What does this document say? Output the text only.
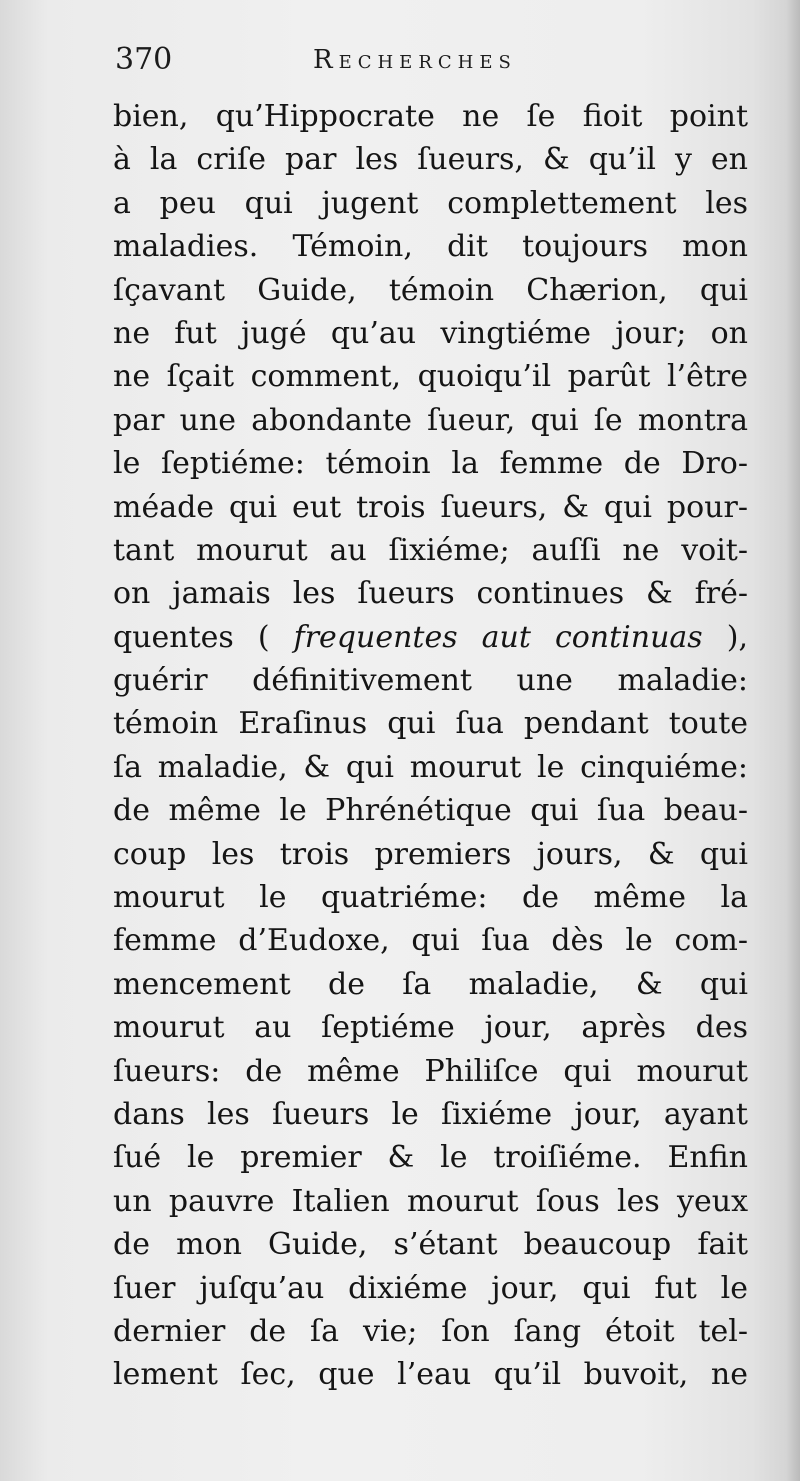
370	Recherches
bien, qu’Hippocrate ne ſe fioit point
à la criſe par les ſueurs, & qu’il y en
a peu qui jugent complettement les
maladies. Témoin, dit toujours mon
ſçavant Guide, témoin Chærion, qui
ne fut jugé qu’au vingtiéme jour; on
ne ſçait comment, quoiqu’il parût l’être
par une abondante ſueur, qui ſe montra
le ſeptiéme: témoin la femme de Dro-
méade qui eut trois ſueurs, & qui pour-
tant mourut au ſixiéme; auſſi ne voit-
on jamais les ſueurs continues & fré-
quentes ( frequentes aut continuas ),
guérir définitivement une maladie:
témoin Eraſinus qui ſua pendant toute
ſa maladie, & qui mourut le cinquiéme:
de même le Phrénétique qui ſua beau-
coup les trois premiers jours, & qui
mourut le quatriéme: de même la
femme d’Eudoxe, qui ſua dès le com-
mencement de ſa maladie, & qui
mourut au ſeptiéme jour, après des
ſueurs: de même Philiſce qui mourut
dans les ſueurs le ſixiéme jour, ayant
ſué le premier & le troiſiéme. Enfin
un pauvre Italien mourut ſous les yeux
de mon Guide, s’étant beaucoup fait
ſuer juſqu’au dixiéme jour, qui fut le
dernier de ſa vie; ſon ſang étoit tel-
lement ſec, que l’eau qu’il buvoit, ne
